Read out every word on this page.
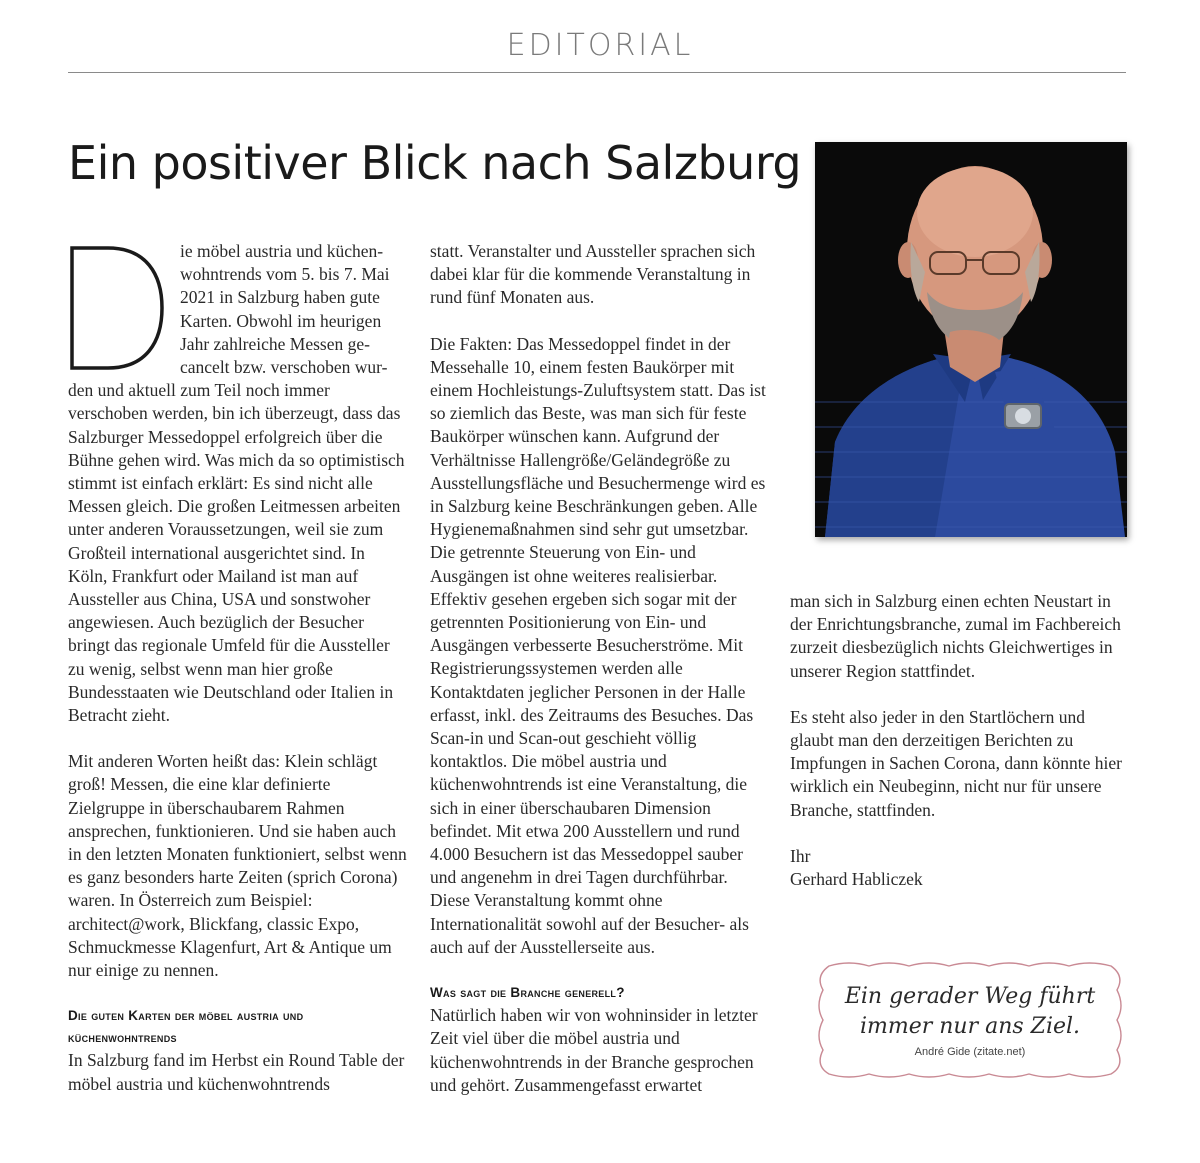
EDITORIAL
Ein positiver Blick nach Salzburg
ie möbel austria und küchen-
wohntrends vom 5. bis 7. Mai
2021 in Salzburg haben gute
Karten. Obwohl im heurigen
Jahr zahlreiche Messen ge-
cancelt bzw. verschoben wur-

den und aktuell zum Teil noch immer verschoben werden, bin ich überzeugt, dass das Salzburger Messedoppel erfolgreich über die Bühne gehen wird. Was mich da so optimistisch stimmt ist einfach erklärt: Es sind nicht alle Messen gleich. Die großen Leitmessen arbeiten unter anderen Voraussetzungen, weil sie zum Großteil international ausgerichtet sind. In Köln, Frankfurt oder Mailand ist man auf Aussteller aus China, USA und sonstwoher angewiesen. Auch bezüglich der Besucher bringt das regionale Umfeld für die Aussteller zu wenig, selbst wenn man hier große Bundesstaaten wie Deutschland oder Italien in Betracht zieht.

Mit anderen Worten heißt das: Klein schlägt groß! Messen, die eine klar definierte Zielgruppe in überschaubarem Rahmen ansprechen, funktionieren. Und sie haben auch in den letzten Monaten funktioniert, selbst wenn es ganz besonders harte Zeiten (sprich Corona) waren. In Österreich zum Beispiel: architect@work, Blickfang, classic Expo, Schmuckmesse Klagenfurt, Art & Antique um nur einige zu nennen.

Die guten Karten der möbel austria und küchenwohntrends

In Salzburg fand im Herbst ein Round Table der möbel austria und küchenwohntrends

statt. Veranstalter und Aussteller sprachen sich dabei klar für die kommende Veranstaltung in rund fünf Monaten aus.

Die Fakten: Das Messedoppel findet in der Messehalle 10, einem festen Baukörper mit einem Hochleistungs-Zuluftsystem statt. Das ist so ziemlich das Beste, was man sich für feste Baukörper wünschen kann. Aufgrund der Verhältnisse Hallengröße/Geländegröße zu Ausstellungsfläche und Besuchermenge wird es in Salzburg keine Beschränkungen geben. Alle Hygienemaßnahmen sind sehr gut umsetzbar. Die getrennte Steuerung von Ein- und Ausgängen ist ohne weiteres realisierbar. Effektiv gesehen ergeben sich sogar mit der getrennten Positionierung von Ein- und Ausgängen verbesserte Besucherströme. Mit Registrierungssystemen werden alle Kontaktdaten jeglicher Personen in der Halle erfasst, inkl. des Zeitraums des Besuches. Das Scan-in und Scan-out geschieht völlig kontaktlos. Die möbel austria und küchenwohntrends ist eine Veranstaltung, die sich in einer überschaubaren Dimension befindet. Mit etwa 200 Ausstellern und rund 4.000 Besuchern ist das Messedoppel sauber und angenehm in drei Tagen durchführbar. Diese Veranstaltung kommt ohne Internationalität sowohl auf der Besucher- als auch auf der Ausstellerseite aus.

Was sagt die Branche generell?

Natürlich haben wir von wohninsider in letzter Zeit viel über die möbel austria und küchenwohntrends in der Branche gesprochen und gehört. Zusammengefasst erwartet

man sich in Salzburg einen echten Neustart in der Enrichtungsbranche, zumal im Fachbereich zurzeit diesbezüglich nichts Gleichwertiges in unserer Region stattfindet.

Es steht also jeder in den Startlöchern und glaubt man den derzeitigen Berichten zu Impfungen in Sachen Corona, dann könnte hier wirklich ein Neubeginn, nicht nur für unsere Branche, stattfinden.

Ihr

Gerhard Habliczek

Ein gerader Weg führt
immer nur ans Ziel.
André Gide (zitate.net)
